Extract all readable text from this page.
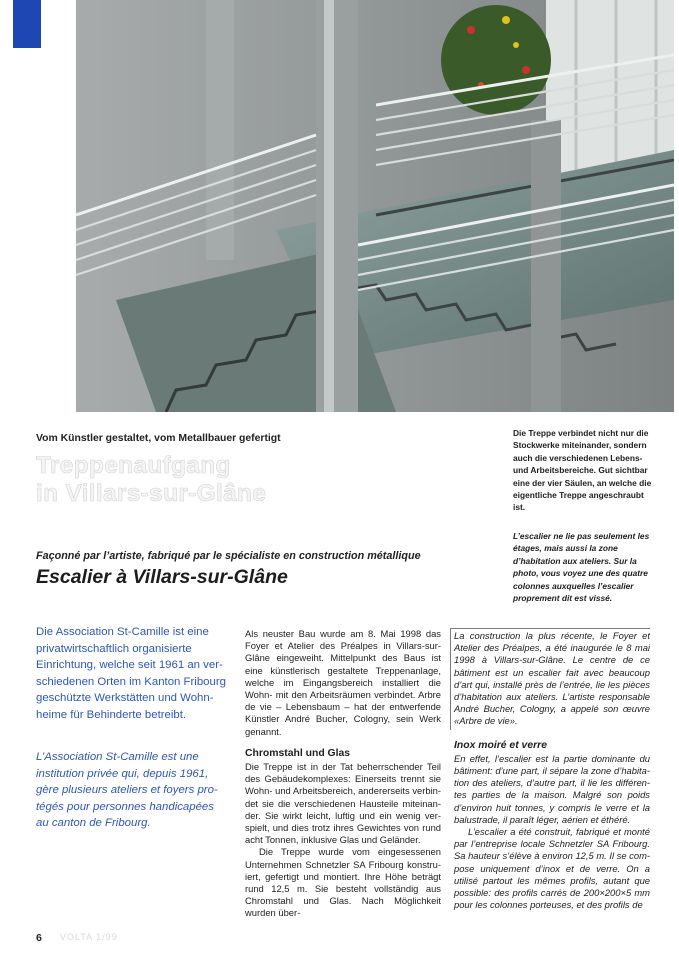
Die Treppe verbindet nicht nur die Stockwerke miteinander, sondern auch die verschiedenen Lebens- und Arbeitsbereiche. Gut sichtbar eine der vier Säulen, an welche die eigentliche Treppe angeschraubt ist.
L’escalier ne lie pas seulement les étages, mais aussi la zone d’habitation aux ateliers. Sur la photo, vous voyez une des quatre colonnes auxquelles l’escalier proprement dit est vissé.
Vom Künstler gestaltet, vom Metallbauer gefertigt
Treppenaufgang
in Villars-sur-Glâne
Façonné par l’artiste, fabriqué par le spécialiste en construction métallique
Escalier à Villars-sur-Glâne
Die Association St-Camille ist eine privatwirtschaftlich organisierte Einrichtung, welche seit 1961 an verschiedenen Orten im Kanton Fribourg geschützte Werkstätten und Wohnheime für Behinderte betreibt.
L’Association St-Camille est une institution privée qui, depuis 1961, gère plusieurs ateliers et foyers protégés pour personnes handicapées au canton de Fribourg.

Als neuster Bau wurde am 8. Mai 1998 das Foyer et Atelier des Préalpes in Villars-sur-Glâne eingeweiht. Mittelpunkt des Baus ist eine künstlerisch gestaltete Treppenanlage, welche im Eingangsbereich installiert die Wohn- mit den Arbeitsräumen verbindet. Arbre de vie – Lebensbaum – hat der entwerfende Künstler André Bucher, Cologny, sein Werk genannt.

Chromstahl und Glas

Die Treppe ist in der Tat beherrschender Teil des Gebäudekomplexes: Einerseits trennt sie Wohn- und Arbeitsbereich, andererseits verbindet sie die verschiedenen Hausteile miteinander. Sie wirkt leicht, luftig und ein wenig verspielt, und dies trotz ihres Gewichtes von rund acht Tonnen, inklusive Glas und Geländer.

Die Treppe wurde vom eingesessenen Unternehmen Schnetzler SA Fribourg konstruiert, gefertigt und montiert. Ihre Höhe beträgt rund 12,5 m. Sie besteht vollständig aus Chromstahl und Glas. Nach Möglichkeit wurden über-

La construction la plus récente, le Foyer et Atelier des Préalpes, a été inaugurée le 8 mai 1998 à Villars-sur-Glâne. Le centre de ce bâtiment est un escalier fait avec beaucoup d’art qui, installé près de l’entrée, lie les pièces d’habitation aux ateliers. L’artiste responsable André Bucher, Cologny, a appelé son œuvre «Arbre de vie».

Inox moiré et verre

En effet, l’escalier est la partie dominante du bâtiment: d’une part, il sépare la zone d’habitation des ateliers, d’autre part, il lie les différentes parties de la maison. Malgré son poids d’environ huit tonnes, y compris le verre et la balustrade, il paraît léger, aérien et éthéré.

L’escalier a été construit, fabriqué et monté par l’entreprise locale Schnetzler SA Fribourg. Sa hauteur s’élève à environ 12,5 m. Il se compose uniquement d’inox et de verre. On a utilisé partout les mêmes profils, autant que possible: des profils carrés de 200×200×5 mm pour les colonnes porteuses, et des profils de

6 VOLTA 1/99
